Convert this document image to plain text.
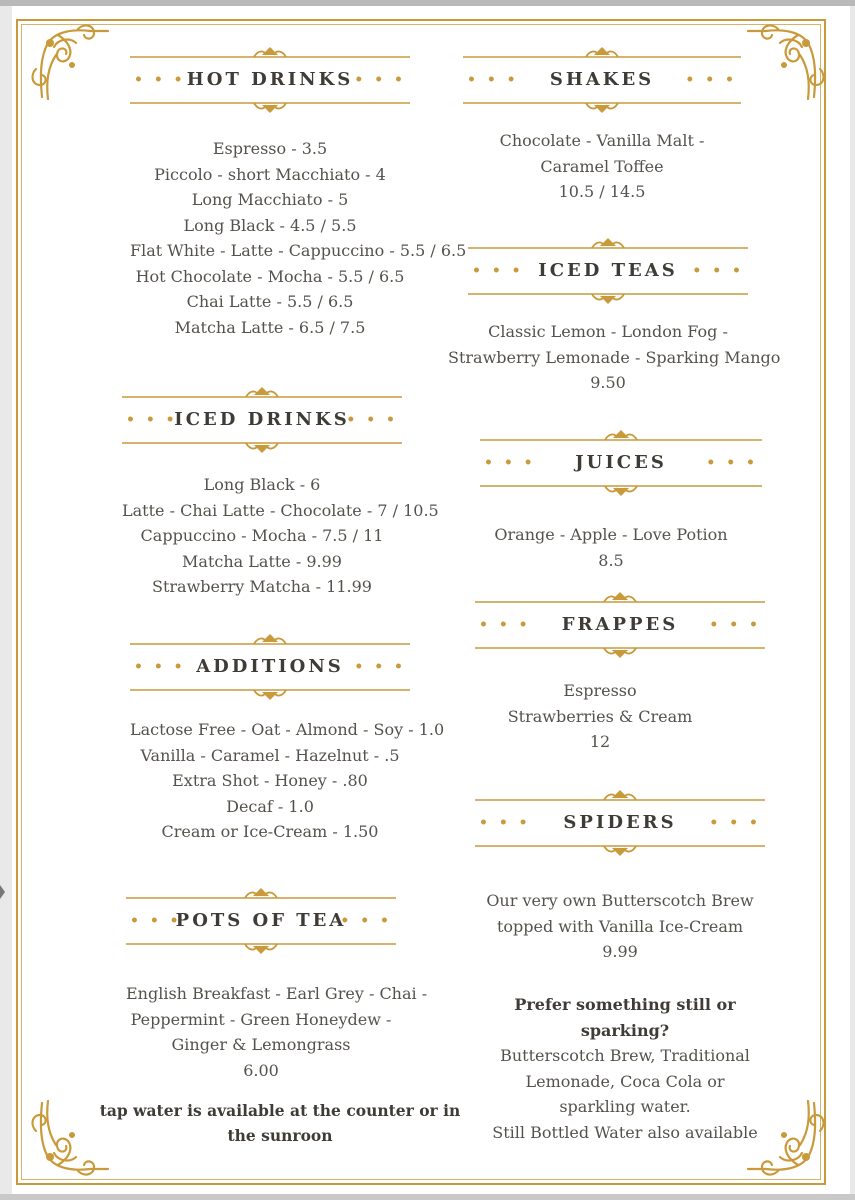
• • • HOT DRINKS • • •
Espresso - 3.5
Piccolo - short Macchiato - 4
Long Macchiato - 5
Long Black - 4.5 / 5.5
Flat White - Latte - Cappuccino - 5.5 / 6.5
Hot Chocolate - Mocha - 5.5 / 6.5
Chai Latte - 5.5 / 6.5
Matcha Latte - 6.5 / 7.5
• • •
ICED DRINKS
• • •
Long Black - 6
Latte - Chai Latte - Chocolate - 7 / 10.5
Cappuccino - Mocha - 7.5 / 11
Matcha Latte - 9.99
Strawberry Matcha - 11.99
• • • ADDITIONS • • •
Lactose Free - Oat - Almond - Soy - 1.0
Vanilla - Caramel - Hazelnut - .5
Extra Shot - Honey - .80
Decaf - 1.0
Cream or Ice-Cream - 1.50
• • •
POTS OF TEA
• • •
English Breakfast - Earl Grey - Chai -
Peppermint - Green Honeydew -
Ginger & Lemongrass
6.00
tap water is available at the counter or in
the sunroon
• • •	SHAKES	• • •
Chocolate - Vanilla Malt -
Caramel Toffee
10.5 / 14.5
• • • ICED TEAS	• • •
Classic Lemon - London Fog -
Strawberry Lemonade - Sparking Mango
9.50
• • •	JUICES	• • •
Orange - Apple - Love Potion
8.5
• • •	FRAPPES	• • •
Espresso
Strawberries & Cream
12
• • •	SPIDERS	• • •
Our very own Butterscotch Brew
topped with Vanilla Ice-Cream
9.99
Prefer something still or
sparking?
Butterscotch Brew, Traditional
Lemonade, Coca Cola or
sparkling water.
Still Bottled Water also available
